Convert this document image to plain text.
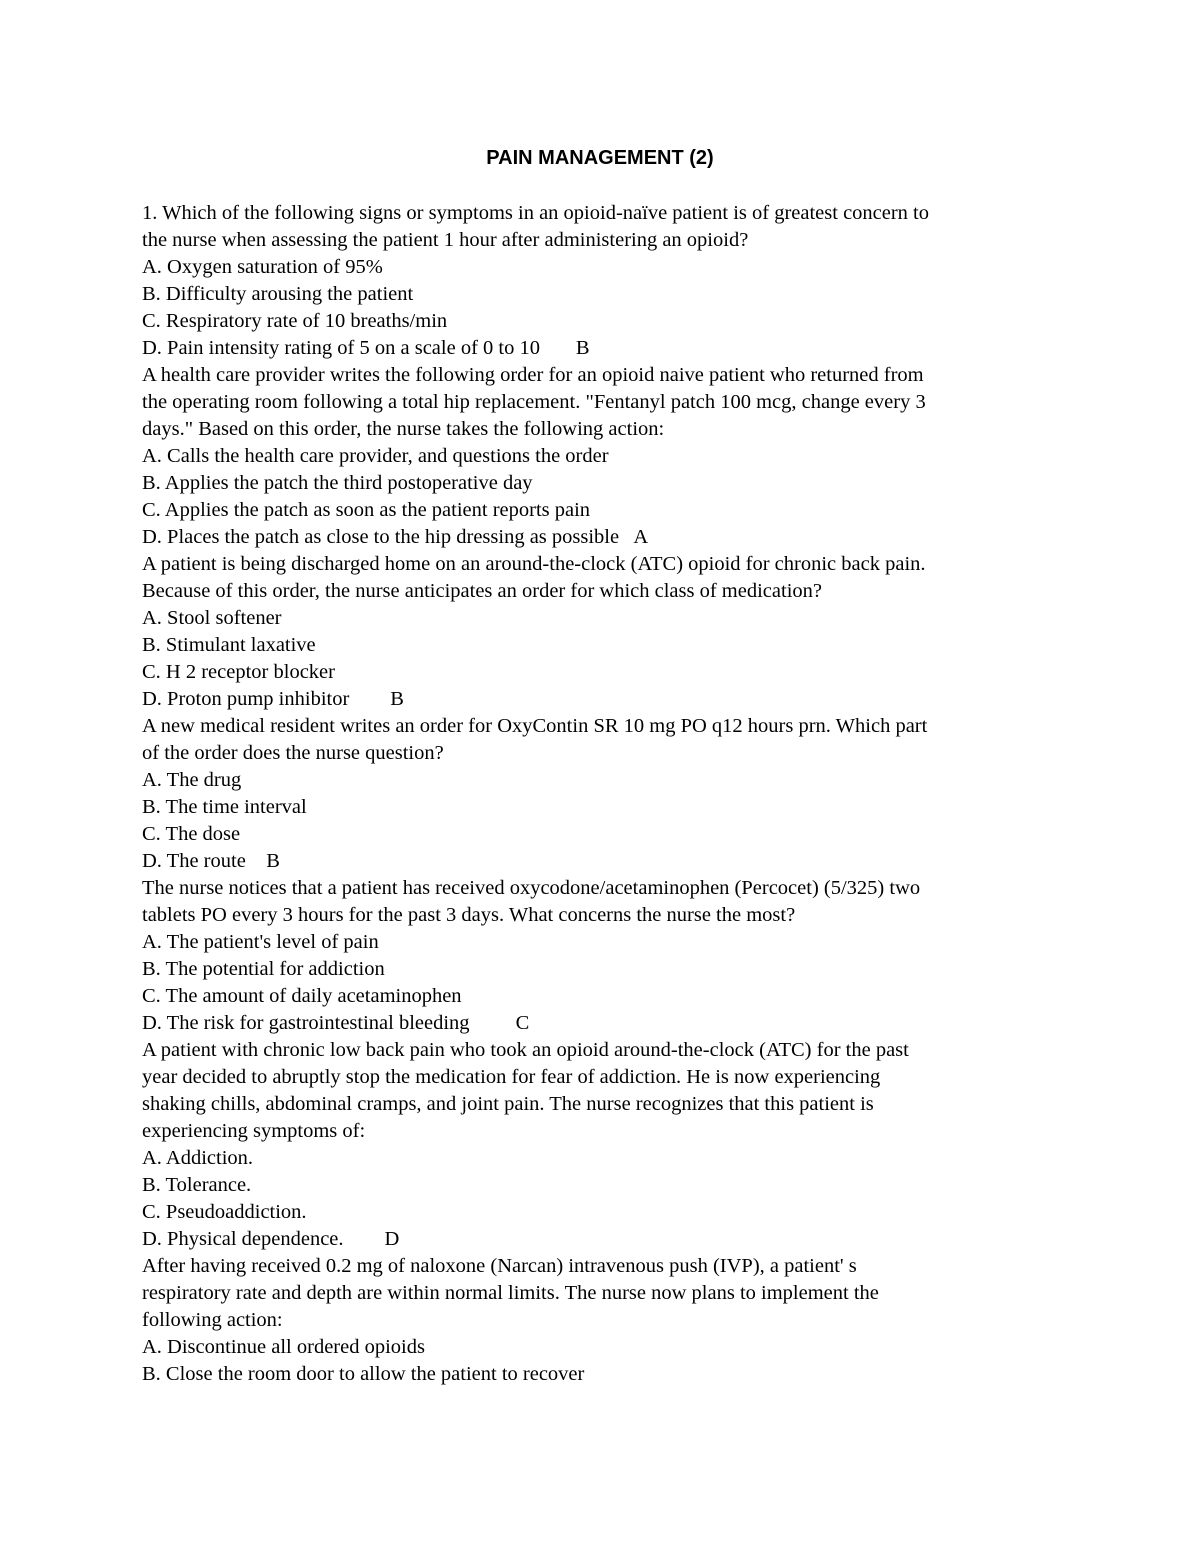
PAIN MANAGEMENT (2)
1. Which of the following signs or symptoms in an opioid-naïve patient is of greatest concern to
the nurse when assessing the patient 1 hour after administering an opioid?
A. Oxygen saturation of 95%
B. Difficulty arousing the patient
C. Respiratory rate of 10 breaths/min
D. Pain intensity rating of 5 on a scale of 0 to 10       B
A health care provider writes the following order for an opioid naive patient who returned from
the operating room following a total hip replacement. "Fentanyl patch 100 mcg, change every 3
days." Based on this order, the nurse takes the following action:
A. Calls the health care provider, and questions the order
B. Applies the patch the third postoperative day
C. Applies the patch as soon as the patient reports pain
D. Places the patch as close to the hip dressing as possible   A
A patient is being discharged home on an around-the-clock (ATC) opioid for chronic back pain.
Because of this order, the nurse anticipates an order for which class of medication?
A. Stool softener
B. Stimulant laxative
C. H 2 receptor blocker
D. Proton pump inhibitor        B
A new medical resident writes an order for OxyContin SR 10 mg PO q12 hours prn. Which part
of the order does the nurse question?
A. The drug
B. The time interval
C. The dose
D. The route    B
The nurse notices that a patient has received oxycodone/acetaminophen (Percocet) (5/325) two
tablets PO every 3 hours for the past 3 days. What concerns the nurse the most?
A. The patient's level of pain
B. The potential for addiction
C. The amount of daily acetaminophen
D. The risk for gastrointestinal bleeding         C
A patient with chronic low back pain who took an opioid around-the-clock (ATC) for the past
year decided to abruptly stop the medication for fear of addiction. He is now experiencing
shaking chills, abdominal cramps, and joint pain. The nurse recognizes that this patient is
experiencing symptoms of:
A. Addiction.
B. Tolerance.
C. Pseudoaddiction.
D. Physical dependence.        D
After having received 0.2 mg of naloxone (Narcan) intravenous push (IVP), a patient' s
respiratory rate and depth are within normal limits. The nurse now plans to implement the
following action:
A. Discontinue all ordered opioids
B. Close the room door to allow the patient to recover
